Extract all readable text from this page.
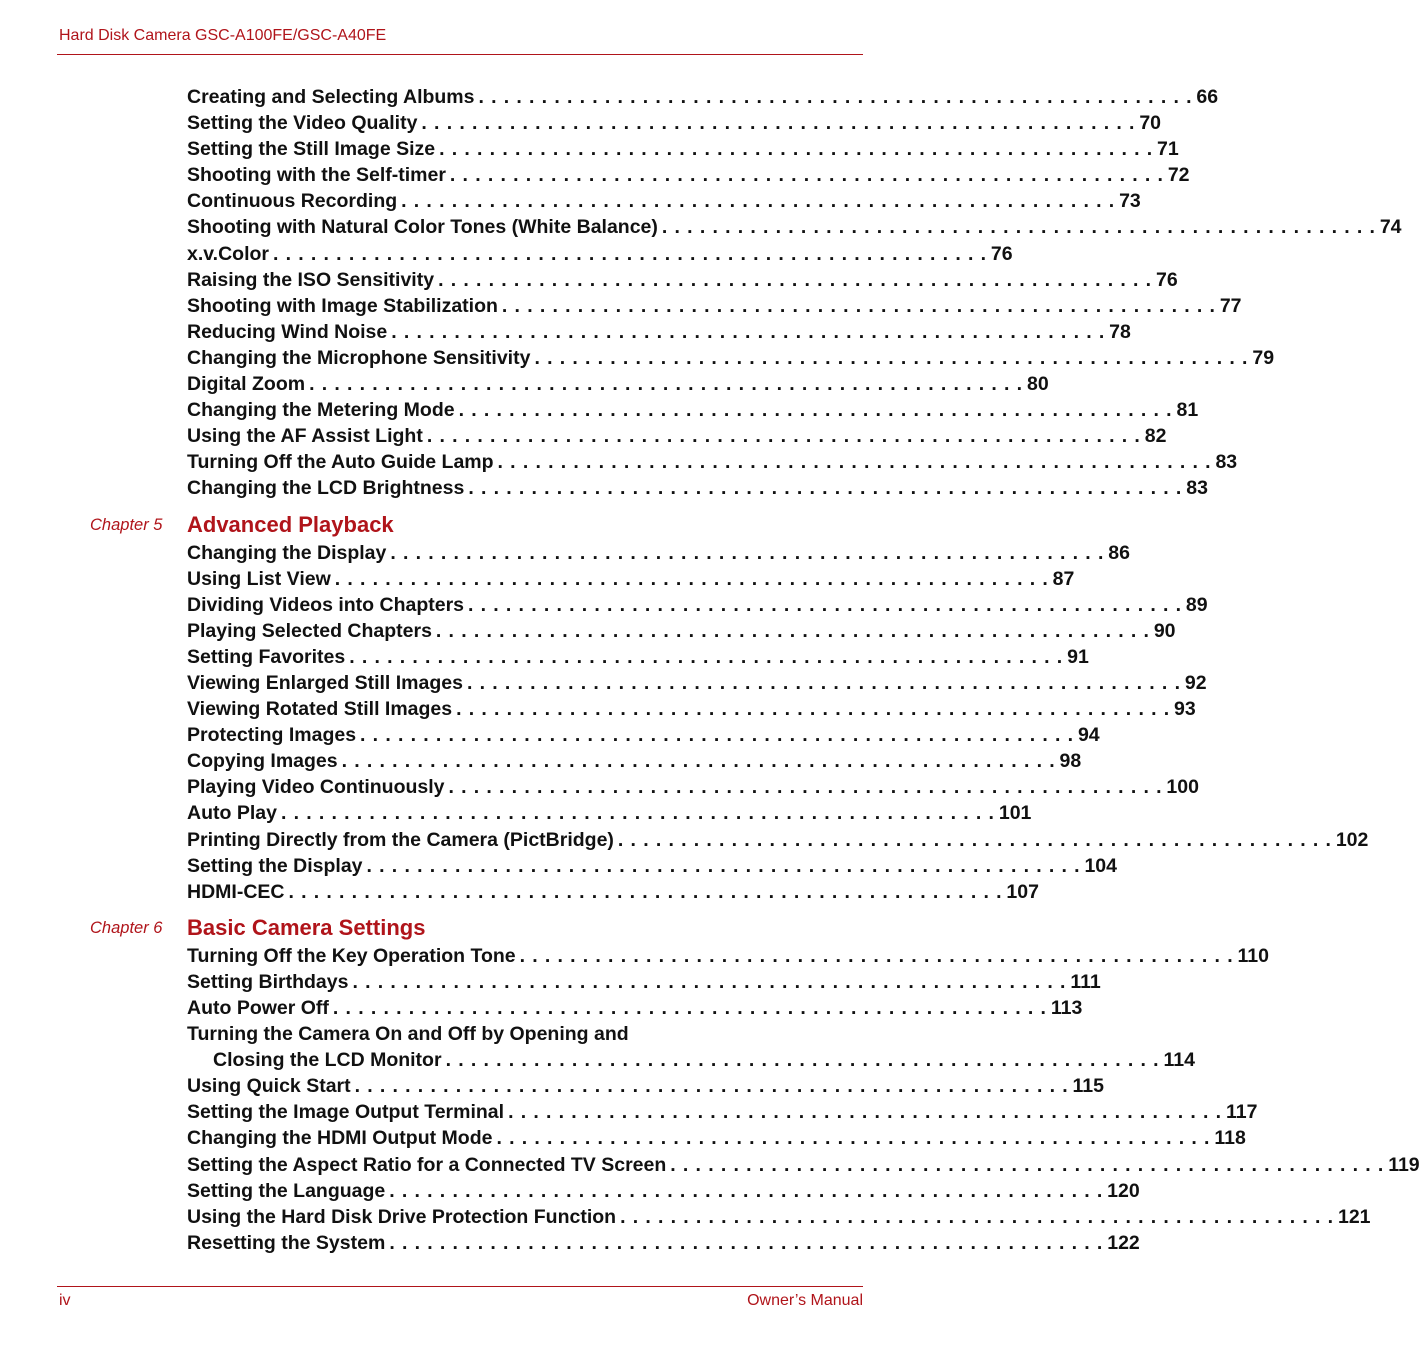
Hard Disk Camera GSC-A100FE/GSC-A40FE
Creating and Selecting Albums . . . . . . . . . . . . . . . . . . . . . . . . . . . . . . . . . . . . . . . . . . . . . . . . . . . . . . . . . 66
Setting the Video Quality . . . . . . . . . . . . . . . . . . . . . . . . . . . . . . . . . . . . . . . . . . . . . . . . . . . . . . . . . 70
Setting the Still Image Size . . . . . . . . . . . . . . . . . . . . . . . . . . . . . . . . . . . . . . . . . . . . . . . . . . . . . . . . . 71
Shooting with the Self-timer . . . . . . . . . . . . . . . . . . . . . . . . . . . . . . . . . . . . . . . . . . . . . . . . . . . . . . . . . 72
Continuous Recording . . . . . . . . . . . . . . . . . . . . . . . . . . . . . . . . . . . . . . . . . . . . . . . . . . . . . . . . . 73
Shooting with Natural Color Tones (White Balance) . . . . . . . . . . . . . . . . . . . . . . . . . . . . . . . . . . . . . . . . . . . . . . . . . . . . . . . . . 74
x.v.Color . . . . . . . . . . . . . . . . . . . . . . . . . . . . . . . . . . . . . . . . . . . . . . . . . . . . . . . . . 76
Raising the ISO Sensitivity . . . . . . . . . . . . . . . . . . . . . . . . . . . . . . . . . . . . . . . . . . . . . . . . . . . . . . . . . 76
Shooting with Image Stabilization . . . . . . . . . . . . . . . . . . . . . . . . . . . . . . . . . . . . . . . . . . . . . . . . . . . . . . . . . 77
Reducing Wind Noise . . . . . . . . . . . . . . . . . . . . . . . . . . . . . . . . . . . . . . . . . . . . . . . . . . . . . . . . . 78
Changing the Microphone Sensitivity . . . . . . . . . . . . . . . . . . . . . . . . . . . . . . . . . . . . . . . . . . . . . . . . . . . . . . . . . 79
Digital Zoom . . . . . . . . . . . . . . . . . . . . . . . . . . . . . . . . . . . . . . . . . . . . . . . . . . . . . . . . . 80
Changing the Metering Mode . . . . . . . . . . . . . . . . . . . . . . . . . . . . . . . . . . . . . . . . . . . . . . . . . . . . . . . . . 81
Using the AF Assist Light . . . . . . . . . . . . . . . . . . . . . . . . . . . . . . . . . . . . . . . . . . . . . . . . . . . . . . . . . 82
Turning Off the Auto Guide Lamp . . . . . . . . . . . . . . . . . . . . . . . . . . . . . . . . . . . . . . . . . . . . . . . . . . . . . . . . . 83
Changing the LCD Brightness . . . . . . . . . . . . . . . . . . . . . . . . . . . . . . . . . . . . . . . . . . . . . . . . . . . . . . . . . 83
Chapter 5 Advanced Playback
Changing the Display . . . . . . . . . . . . . . . . . . . . . . . . . . . . . . . . . . . . . . . . . . . . . . . . . . . . . . . . . 86
Using List View . . . . . . . . . . . . . . . . . . . . . . . . . . . . . . . . . . . . . . . . . . . . . . . . . . . . . . . . . 87
Dividing Videos into Chapters . . . . . . . . . . . . . . . . . . . . . . . . . . . . . . . . . . . . . . . . . . . . . . . . . . . . . . . . . 89
Playing Selected Chapters . . . . . . . . . . . . . . . . . . . . . . . . . . . . . . . . . . . . . . . . . . . . . . . . . . . . . . . . . 90
Setting Favorites . . . . . . . . . . . . . . . . . . . . . . . . . . . . . . . . . . . . . . . . . . . . . . . . . . . . . . . . . 91
Viewing Enlarged Still Images . . . . . . . . . . . . . . . . . . . . . . . . . . . . . . . . . . . . . . . . . . . . . . . . . . . . . . . . . 92
Viewing Rotated Still Images . . . . . . . . . . . . . . . . . . . . . . . . . . . . . . . . . . . . . . . . . . . . . . . . . . . . . . . . . 93
Protecting Images . . . . . . . . . . . . . . . . . . . . . . . . . . . . . . . . . . . . . . . . . . . . . . . . . . . . . . . . . 94
Copying Images . . . . . . . . . . . . . . . . . . . . . . . . . . . . . . . . . . . . . . . . . . . . . . . . . . . . . . . . . 98
Playing Video Continuously . . . . . . . . . . . . . . . . . . . . . . . . . . . . . . . . . . . . . . . . . . . . . . . . . . . . . . . . . 100
Auto Play . . . . . . . . . . . . . . . . . . . . . . . . . . . . . . . . . . . . . . . . . . . . . . . . . . . . . . . . . 101
Printing Directly from the Camera (PictBridge) . . . . . . . . . . . . . . . . . . . . . . . . . . . . . . . . . . . . . . . . . . . . . . . . . . . . . . . . . 102
Setting the Display . . . . . . . . . . . . . . . . . . . . . . . . . . . . . . . . . . . . . . . . . . . . . . . . . . . . . . . . . 104
HDMI-CEC . . . . . . . . . . . . . . . . . . . . . . . . . . . . . . . . . . . . . . . . . . . . . . . . . . . . . . . . . 107
Chapter 6 Basic Camera Settings
Turning Off the Key Operation Tone . . . . . . . . . . . . . . . . . . . . . . . . . . . . . . . . . . . . . . . . . . . . . . . . . . . . . . . . . 110
Setting Birthdays . . . . . . . . . . . . . . . . . . . . . . . . . . . . . . . . . . . . . . . . . . . . . . . . . . . . . . . . . 111
Auto Power Off . . . . . . . . . . . . . . . . . . . . . . . . . . . . . . . . . . . . . . . . . . . . . . . . . . . . . . . . . 113
Turning the Camera On and Off by Opening and
Closing the LCD Monitor . . . . . . . . . . . . . . . . . . . . . . . . . . . . . . . . . . . . . . . . . . . . . . . . . . . . . . . . . 114
Using Quick Start . . . . . . . . . . . . . . . . . . . . . . . . . . . . . . . . . . . . . . . . . . . . . . . . . . . . . . . . . 115
Setting the Image Output Terminal . . . . . . . . . . . . . . . . . . . . . . . . . . . . . . . . . . . . . . . . . . . . . . . . . . . . . . . . . 117
Changing the HDMI Output Mode . . . . . . . . . . . . . . . . . . . . . . . . . . . . . . . . . . . . . . . . . . . . . . . . . . . . . . . . . 118
Setting the Aspect Ratio for a Connected TV Screen . . . . . . . . . . . . . . . . . . . . . . . . . . . . . . . . . . . . . . . . . . . . . . . . . . . . . . . . . 119
Setting the Language . . . . . . . . . . . . . . . . . . . . . . . . . . . . . . . . . . . . . . . . . . . . . . . . . . . . . . . . . 120
Using the Hard Disk Drive Protection Function . . . . . . . . . . . . . . . . . . . . . . . . . . . . . . . . . . . . . . . . . . . . . . . . . . . . . . . . . 121
Resetting the System . . . . . . . . . . . . . . . . . . . . . . . . . . . . . . . . . . . . . . . . . . . . . . . . . . . . . . . . . 122
iv	Owner’s Manual
